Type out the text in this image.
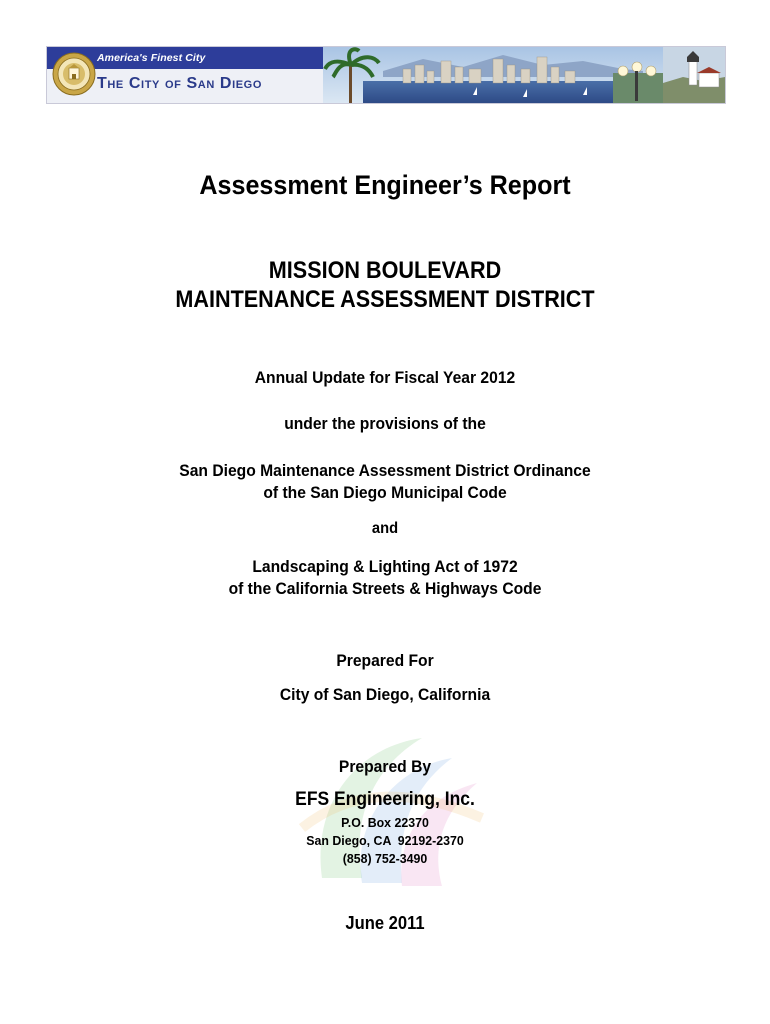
America's Finest City
The City of San Diego
Assessment Engineer’s Report
MISSION BOULEVARD
MAINTENANCE ASSESSMENT DISTRICT
Annual Update for Fiscal Year 2012
under the provisions of the
San Diego Maintenance Assessment District Ordinance
of the San Diego Municipal Code
and
Landscaping & Lighting Act of 1972
of the California Streets & Highways Code
Prepared For
City of San Diego, California
Prepared By
EFS Engineering, Inc.
P.O. Box 22370
San Diego, CA  92192-2370
(858) 752-3490
June 2011
